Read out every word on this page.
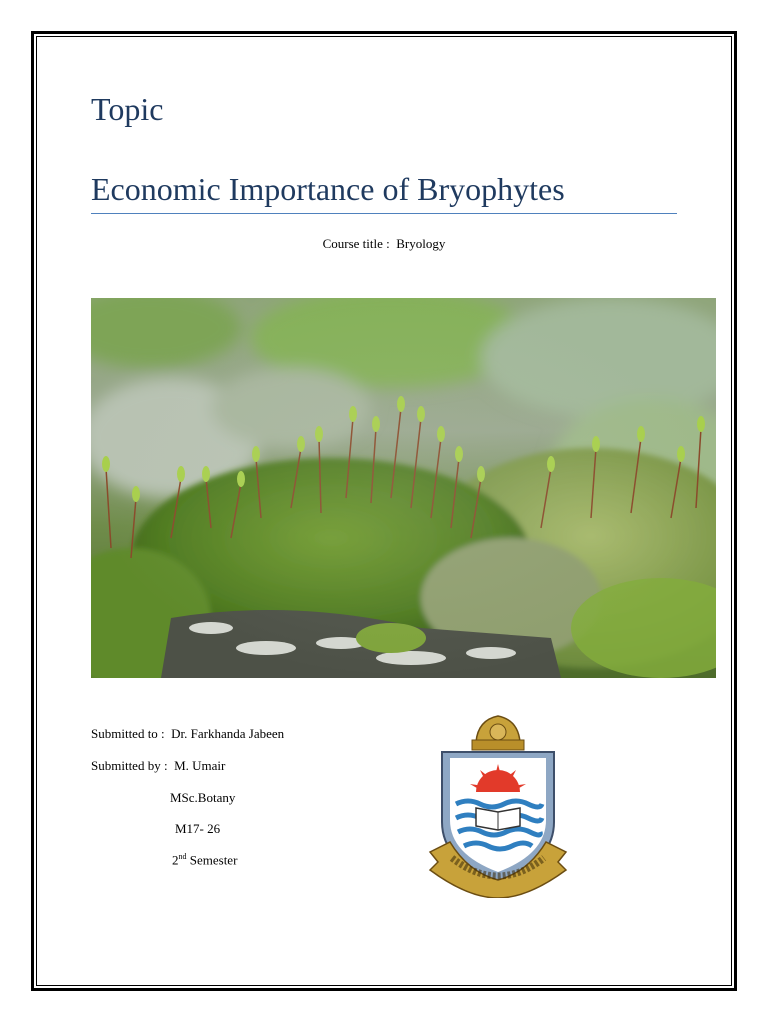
Topic
Economic Importance of Bryophytes
Course title : Bryology
Submitted to : Dr. Farkhanda Jabeen
Submitted by : M. Umair
MSc.Botany
M17- 26
2nd Semester
